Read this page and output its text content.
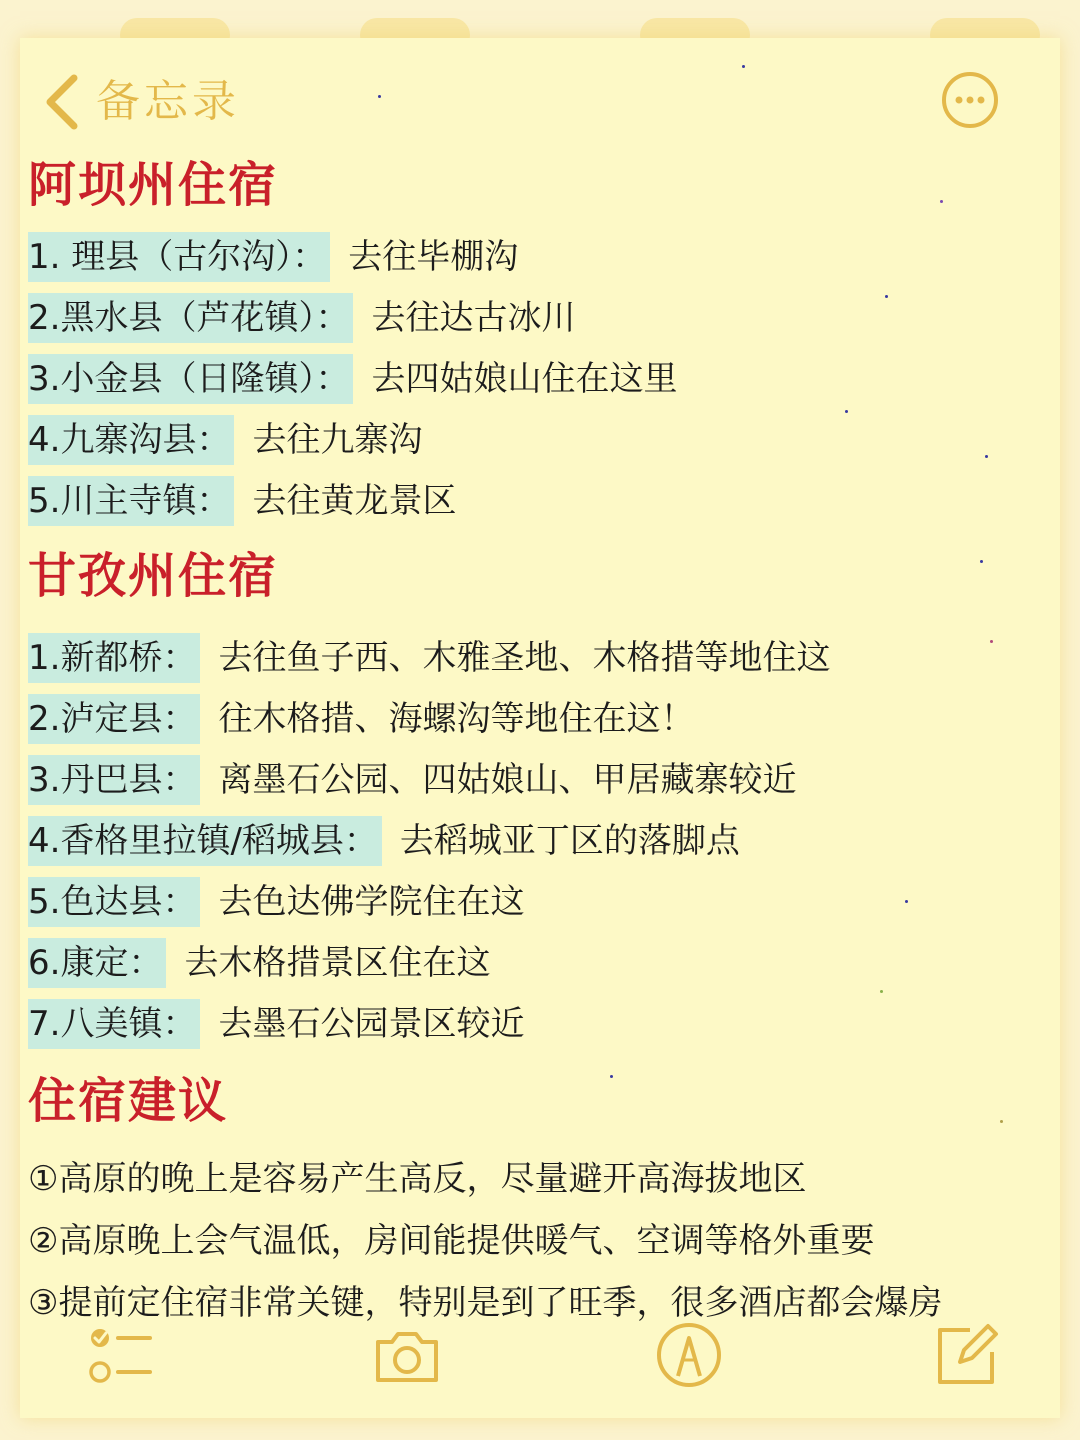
备忘录
阿坝州住宿
1. 理县（古尔沟）： 去往毕棚沟
2.黑水县（芦花镇）： 去往达古冰川
3.小金县（日隆镇）： 去四姑娘山住在这里
4.九寨沟县： 去往九寨沟
5.川主寺镇： 去往黄龙景区
甘孜州住宿
1.新都桥： 去往鱼子西、木雅圣地、木格措等地住这
2.泸定县： 往木格措、海螺沟等地住在这！
3.丹巴县： 离墨石公园、四姑娘山、甲居藏寨较近
4.香格里拉镇/稻城县： 去稻城亚丁区的落脚点
5.色达县： 去色达佛学院住在这
6.康定： 去木格措景区住在这
7.八美镇： 去墨石公园景区较近
住宿建议
①高原的晚上是容易产生高反，尽量避开高海拔地区
②高原晚上会气温低，房间能提供暖气、空调等格外重要
③提前定住宿非常关键，特别是到了旺季，很多酒店都会爆房
